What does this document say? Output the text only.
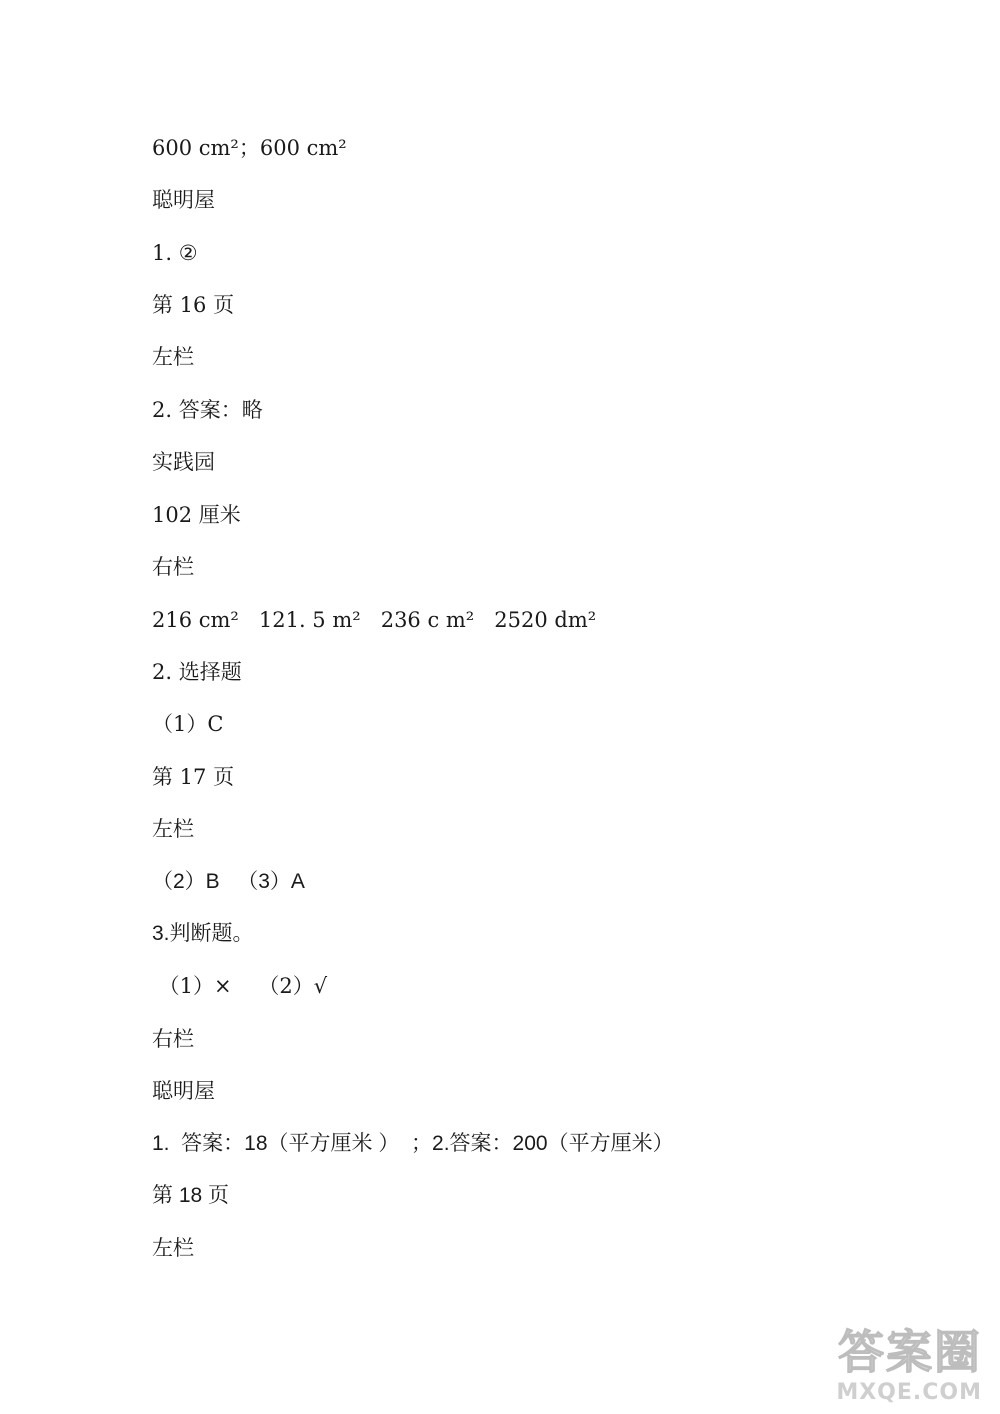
600 cm²；600 cm²

聪明屋

1. ②

第 16 页

左栏

2. 答案：略

实践园

102 厘米

右栏

216 cm²   121. 5 m²   236 c m²   2520 dm²

2. 选择题

（1）C

第 17 页

左栏

（2）B   （3）A

3.判断题。

（1）×    （2）√

右栏

聪明屋

1.  答案：18（平方厘米 ）  ；2.答案：200（平方厘米）

第 18 页

左栏

答案圈
MXQE.COM
